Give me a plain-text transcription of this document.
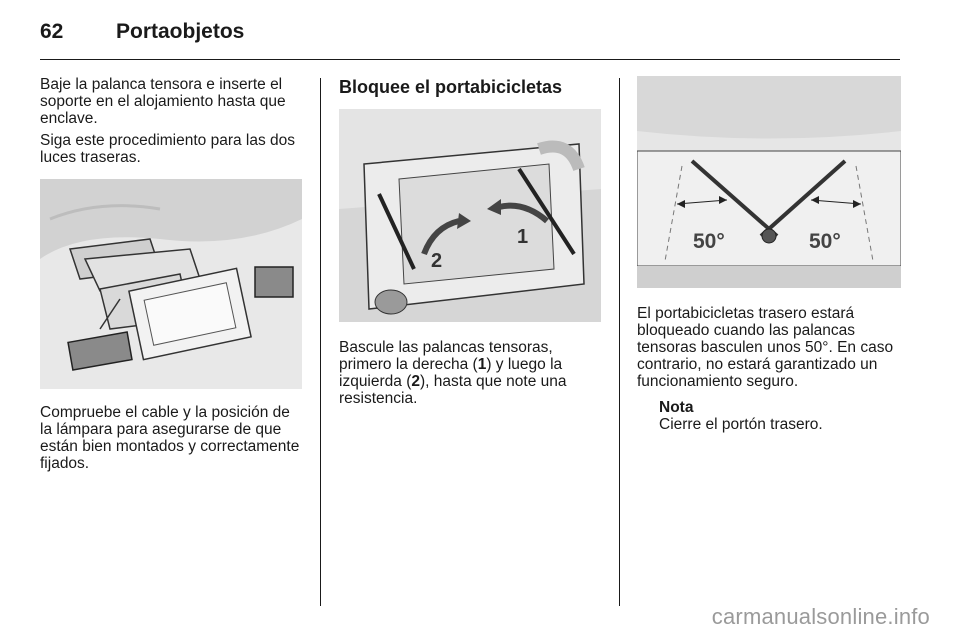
62	Portaobjetos

Baje la palanca tensora e inserte el soporte en el alojamiento hasta que enclave.

Siga este procedimiento para las dos luces traseras.

Compruebe el cable y la posición de la lámpara para asegurarse de que están bien montados y correctamente fijados.

Bloquee el portabicicletas
2
1

Bascule las palancas tensoras, primero la derecha (1) y luego la izquierda (2), hasta que note una resistencia.

50°	50°

El portabicicletas trasero estará bloqueado cuando las palancas tensoras basculen unos 50°. En caso contrario, no estará garantizado un funcionamiento seguro.

Nota
Cierre el portón trasero.
carmanualsonline.info
